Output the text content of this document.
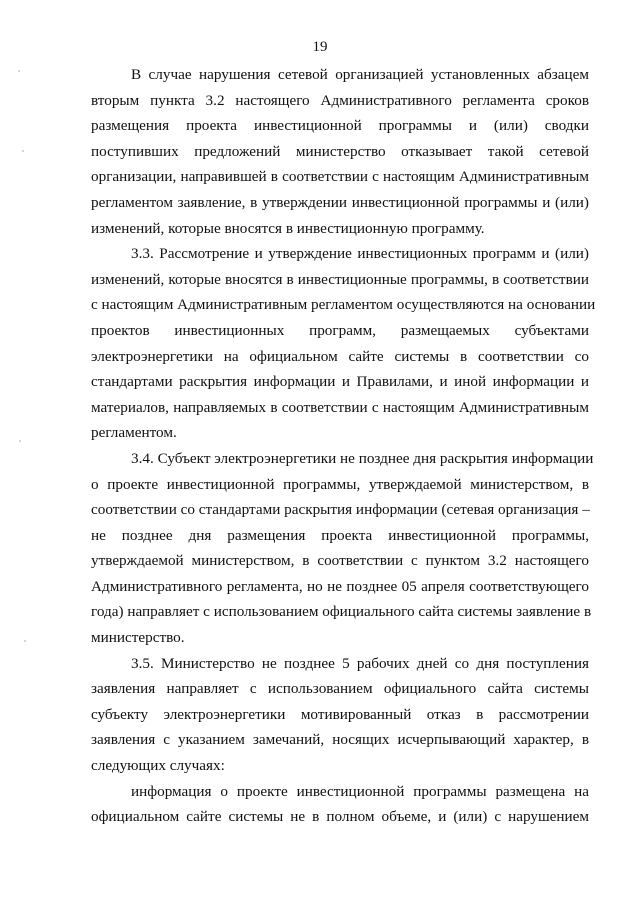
19
В случае нарушения сетевой организацией установленных абзацем
вторым пункта 3.2 настоящего Административного регламента сроков
размещения проекта инвестиционной программы и (или) сводки
поступивших предложений министерство отказывает такой сетевой
организации, направившей в соответствии с настоящим Административным
регламентом заявление, в утверждении инвестиционной программы и (или)
изменений, которые вносятся в инвестиционную программу.
3.3. Рассмотрение и утверждение инвестиционных программ и (или)
изменений, которые вносятся в инвестиционные программы, в соответствии
с настоящим Административным регламентом осуществляются на основании
проектов инвестиционных программ, размещаемых субъектами
электроэнергетики на официальном сайте системы в соответствии со
стандартами раскрытия информации и Правилами, и иной информации и
материалов, направляемых в соответствии с настоящим Административным
регламентом.
3.4. Субъект электроэнергетики не позднее дня раскрытия информации
о проекте инвестиционной программы, утверждаемой министерством, в
соответствии со стандартами раскрытия информации (сетевая организация –
не позднее дня размещения проекта инвестиционной программы,
утверждаемой министерством, в соответствии с пунктом 3.2 настоящего
Административного регламента, но не позднее 05 апреля соответствующего
года) направляет с использованием официального сайта системы заявление в
министерство.
3.5. Министерство не позднее 5 рабочих дней со дня поступления
заявления направляет с использованием официального сайта системы
субъекту электроэнергетики мотивированный отказ в рассмотрении
заявления с указанием замечаний, носящих исчерпывающий характер, в
следующих случаях:
информация о проекте инвестиционной программы размещена на
официальном сайте системы не в полном объеме, и (или) с нарушением
